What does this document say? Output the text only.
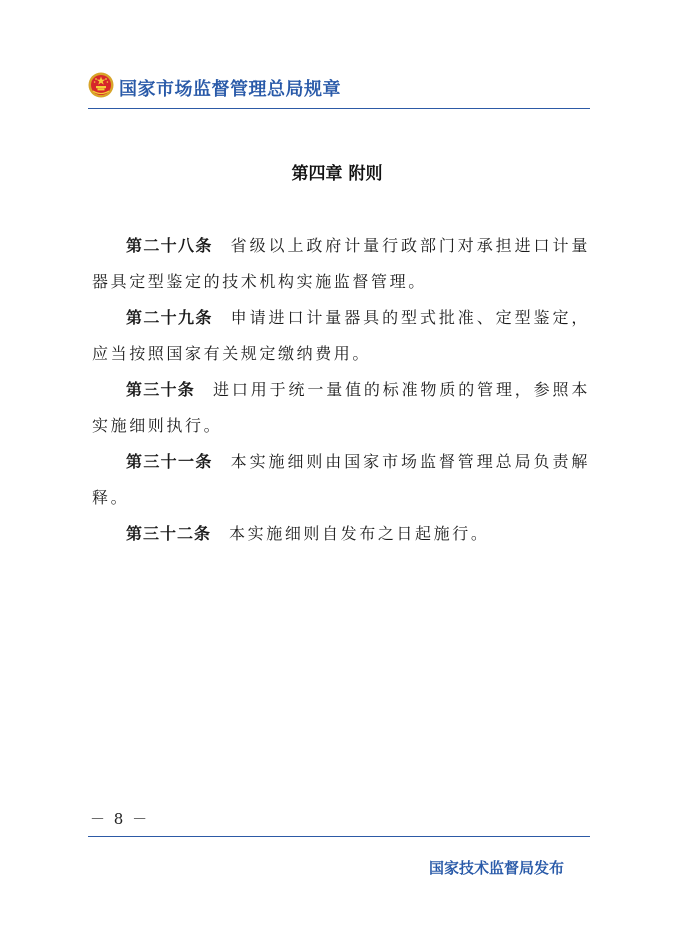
国家市场监督管理总局规章
第四章 附则

第二十八条 省级以上政府计量行政部门对承担进口计量器具定型鉴定的技术机构实施监督管理。

第二十九条 申请进口计量器具的型式批准、定型鉴定，应当按照国家有关规定缴纳费用。

第三十条 进口用于统一量值的标准物质的管理，参照本实施细则执行。

第三十一条 本实施细则由国家市场监督管理总局负责解释。

第三十二条 本实施细则自发布之日起施行。

－ 8 －
国家技术监督局发布
